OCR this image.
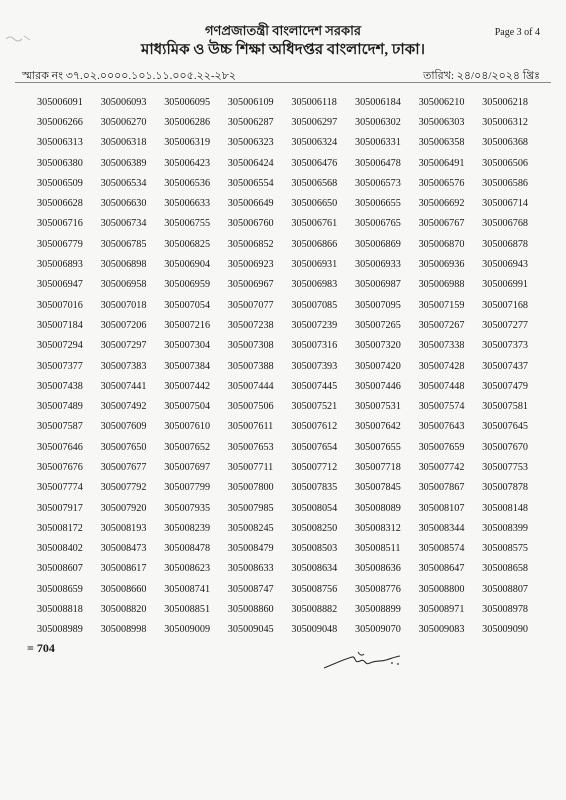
গণপ্রজাতন্ত্রী বাংলাদেশ সরকার
মাধ্যমিক ও উচ্চ শিক্ষা অধিদপ্তর বাংলাদেশ, ঢাকা।
Page 3 of 4
স্মারক নং ৩৭.০২.০০০০.১০১.১১.০০৫.২২-২৮২	তারিখ: ২৪/০৪/২০২৪ খ্রিঃ
305006091	305006093	305006095	305006109	305006118	305006184	305006210	305006218
305006266	305006270	305006286	305006287	305006297	305006302	305006303	305006312
305006313	305006318	305006319	305006323	305006324	305006331	305006358	305006368
305006380	305006389	305006423	305006424	305006476	305006478	305006491	305006506
305006509	305006534	305006536	305006554	305006568	305006573	305006576	305006586
305006628	305006630	305006633	305006649	305006650	305006655	305006692	305006714
305006716	305006734	305006755	305006760	305006761	305006765	305006767	305006768
305006779	305006785	305006825	305006852	305006866	305006869	305006870	305006878
305006893	305006898	305006904	305006923	305006931	305006933	305006936	305006943
305006947	305006958	305006959	305006967	305006983	305006987	305006988	305006991
305007016	305007018	305007054	305007077	305007085	305007095	305007159	305007168
305007184	305007206	305007216	305007238	305007239	305007265	305007267	305007277
305007294	305007297	305007304	305007308	305007316	305007320	305007338	305007373
305007377	305007383	305007384	305007388	305007393	305007420	305007428	305007437
305007438	305007441	305007442	305007444	305007445	305007446	305007448	305007479
305007489	305007492	305007504	305007506	305007521	305007531	305007574	305007581
305007587	305007609	305007610	305007611	305007612	305007642	305007643	305007645
305007646	305007650	305007652	305007653	305007654	305007655	305007659	305007670
305007676	305007677	305007697	305007711	305007712	305007718	305007742	305007753
305007774	305007792	305007799	305007800	305007835	305007845	305007867	305007878
305007917	305007920	305007935	305007985	305008054	305008089	305008107	305008148
305008172	305008193	305008239	305008245	305008250	305008312	305008344	305008399
305008402	305008473	305008478	305008479	305008503	305008511	305008574	305008575
305008607	305008617	305008623	305008633	305008634	305008636	305008647	305008658
305008659	305008660	305008741	305008747	305008756	305008776	305008800	305008807
305008818	305008820	305008851	305008860	305008882	305008899	305008971	305008978
305008989	305008998	305009009	305009045	305009048	305009070	305009083	305009090
= 704
